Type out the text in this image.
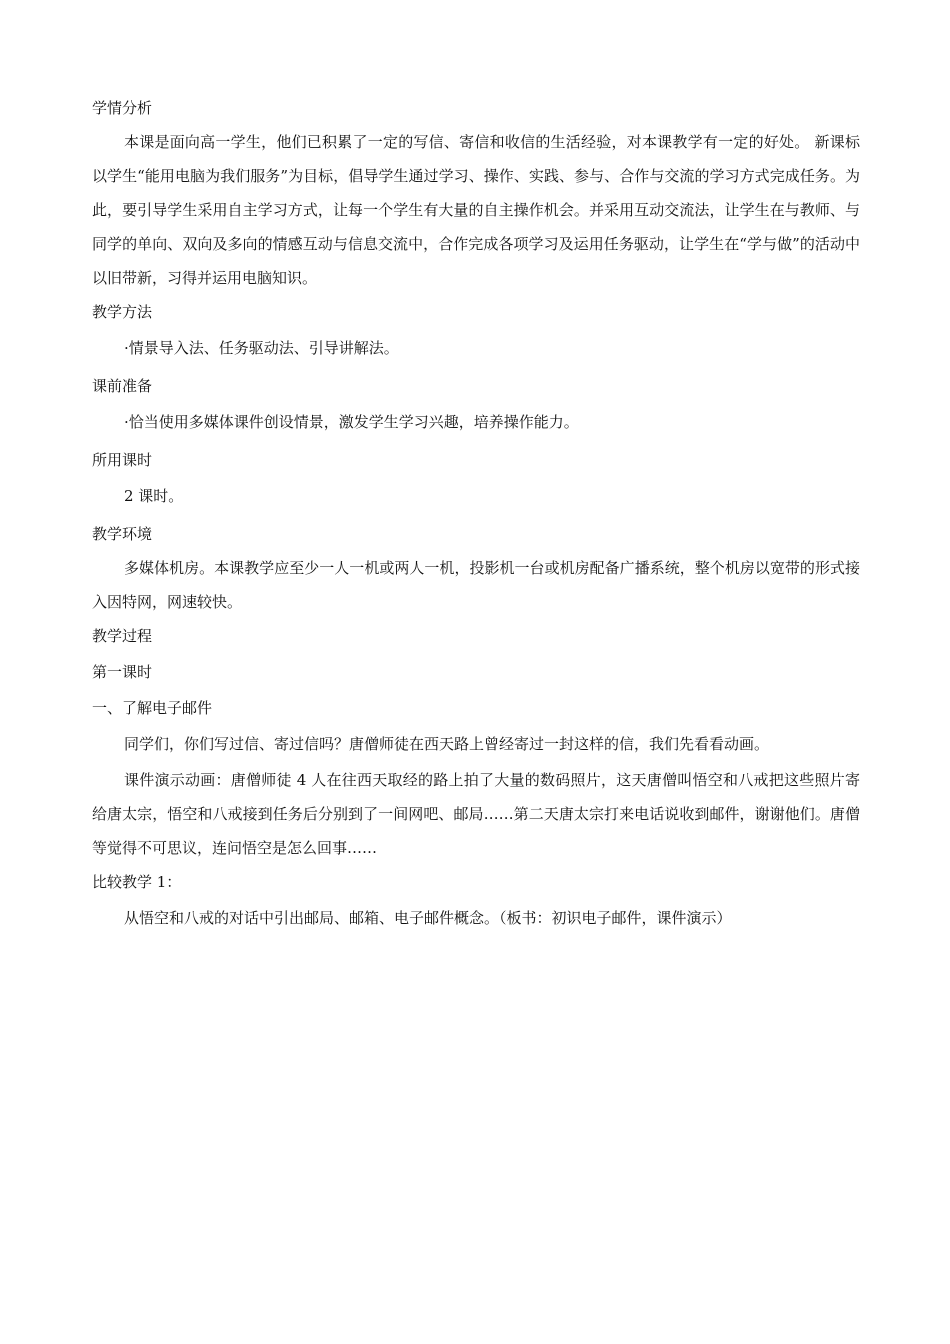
学情分析

本课是面向高一学生，他们已积累了一定的写信、寄信和收信的生活经验，对本课教学有一定的好处。 新课标以学生“能用电脑为我们服务”为目标，倡导学生通过学习、操作、实践、参与、合作与交流的学习方式完成任务。为此，要引导学生采用自主学习方式，让每一个学生有大量的自主操作机会。并采用互动交流法，让学生在与教师、与同学的单向、双向及多向的情感互动与信息交流中，合作完成各项学习及运用任务驱动，让学生在“学与做”的活动中以旧带新，习得并运用电脑知识。

教学方法

·情景导入法、任务驱动法、引导讲解法。

课前准备

·恰当使用多媒体课件创设情景，激发学生学习兴趣，培养操作能力。

所用课时

2 课时。

教学环境

多媒体机房。本课教学应至少一人一机或两人一机，投影机一台或机房配备广播系统，整个机房以宽带的形式接入因特网，网速较快。

教学过程
第一课时
一、了解电子邮件

同学们，你们写过信、寄过信吗？唐僧师徒在西天路上曾经寄过一封这样的信，我们先看看动画。

课件演示动画：唐僧师徒 4 人在往西天取经的路上拍了大量的数码照片，这天唐僧叫悟空和八戒把这些照片寄给唐太宗，悟空和八戒接到任务后分别到了一间网吧、邮局……第二天唐太宗打来电话说收到邮件，谢谢他们。唐僧等觉得不可思议，连问悟空是怎么回事……

比较教学 1：

从悟空和八戒的对话中引出邮局、邮箱、电子邮件概念。（板书：初识电子邮件，课件演示）
